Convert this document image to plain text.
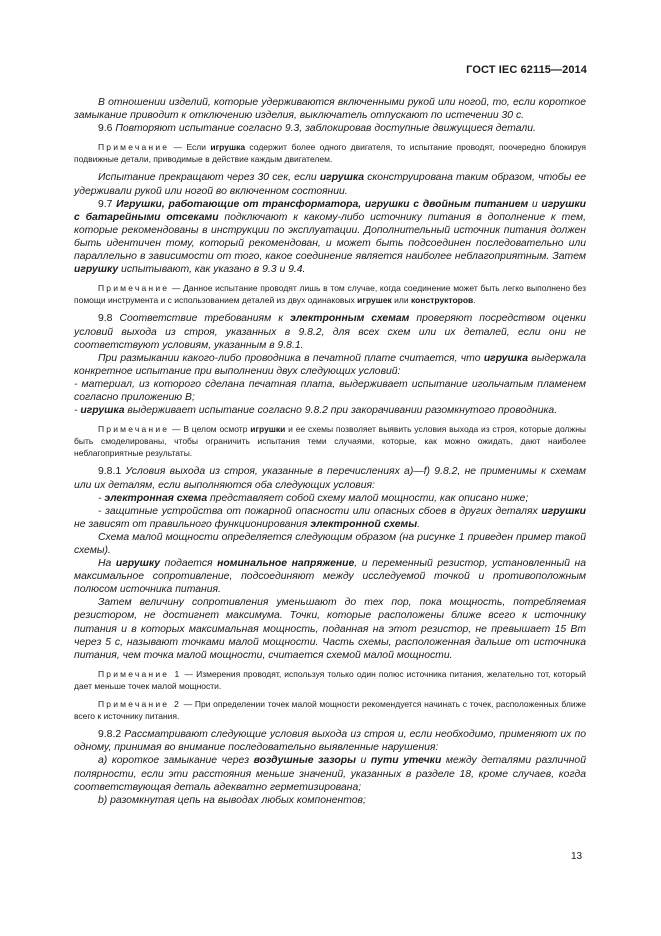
ГОСТ IEC 62115—2014

В отношении изделий, которые удерживаются включенными рукой или ногой, то, если короткое замыкание приводит к отключению изделия, выключатель отпускают по истечении 30 с.

9.6 Повторяют испытание согласно 9.3, заблокировав доступные движущиеся детали.

Примечание — Если игрушка содержит более одного двигателя, то испытание проводят, поочередно блокируя подвижные детали, приводимые в действие каждым двигателем.

Испытание прекращают через 30 сек, если игрушка сконструирована таким образом, чтобы ее удерживали рукой или ногой во включенном состоянии.

9.7 Игрушки, работающие от трансформатора, игрушки с двойным питанием и игрушки с батарейными отсеками подключают к какому-либо источнику питания в дополнение к тем, которые рекомендованы в инструкции по эксплуатации. Дополнительный источник питания должен быть идентичен тому, который рекомендован, и может быть подсоединен последовательно или параллельно в зависимости от того, какое соединение является наиболее неблагоприятным. Затем игрушку испытывают, как указано в 9.3 и 9.4.

Примечание — Данное испытание проводят лишь в том случае, когда соединение может быть легко выполнено без помощи инструмента и с использованием деталей из двух одинаковых игрушек или конструкторов.

9.8 Соответствие требованиям к электронным схемам проверяют посредством оценки условий выхода из строя, указанных в 9.8.2, для всех схем или их деталей, если они не соответствуют условиям, указанным в 9.8.1.

При размыкании какого-либо проводника в печатной плате считается, что игрушка выдержала конкретное испытание при выполнении двух следующих условий:

- материал, из которого сделана печатная плата, выдерживает испытание игольчатым пламенем согласно приложению B;

- игрушка выдерживает испытание согласно 9.8.2 при закорачивании разомкнутого проводника.

Примечание — В целом осмотр игрушки и ее схемы позволяет выявить условия выхода из строя, которые должны быть смоделированы, чтобы ограничить испытания теми случаями, которые, как можно ожидать, дают наиболее неблагоприятные результаты.

9.8.1 Условия выхода из строя, указанные в перечислениях a)—f) 9.8.2, не применимы к схемам или их деталям, если выполняются оба следующих условия:

- электронная схема представляет собой схему малой мощности, как описано ниже;

- защитные устройства от пожарной опасности или опасных сбоев в других деталях игрушки не зависят от правильного функционирования электронной схемы.

Схема малой мощности определяется следующим образом (на рисунке 1 приведен пример такой схемы).

На игрушку подается номинальное напряжение, и переменный резистор, установленный на максимальное сопротивление, подсоединяют между исследуемой точкой и противоположным полюсом источника питания.

Затем величину сопротивления уменьшают до тех пор, пока мощность, потребляемая резистором, не достигнет максимума. Точки, которые расположены ближе всего к источнику питания и в которых максимальная мощность, поданная на этот резистор, не превышает 15 Вт через 5 с, называют точками малой мощности. Часть схемы, расположенная дальше от источника питания, чем точка малой мощности, считается схемой малой мощности.

Примечание 1 — Измерения проводят, используя только один полюс источника питания, желательно тот, который дает меньше точек малой мощности.

Примечание 2 — При определении точек малой мощности рекомендуется начинать с точек, расположенных ближе всего к источнику питания.

9.8.2 Рассматривают следующие условия выхода из строя и, если необходимо, применяют их по одному, принимая во внимание последовательно выявленные нарушения:

a) короткое замыкание через воздушные зазоры и пути утечки между деталями различной полярности, если эти расстояния меньше значений, указанных в разделе 18, кроме случаев, когда соответствующая деталь адекватно герметизирована;

b) разомкнутая цепь на выводах любых компонентов;

13
